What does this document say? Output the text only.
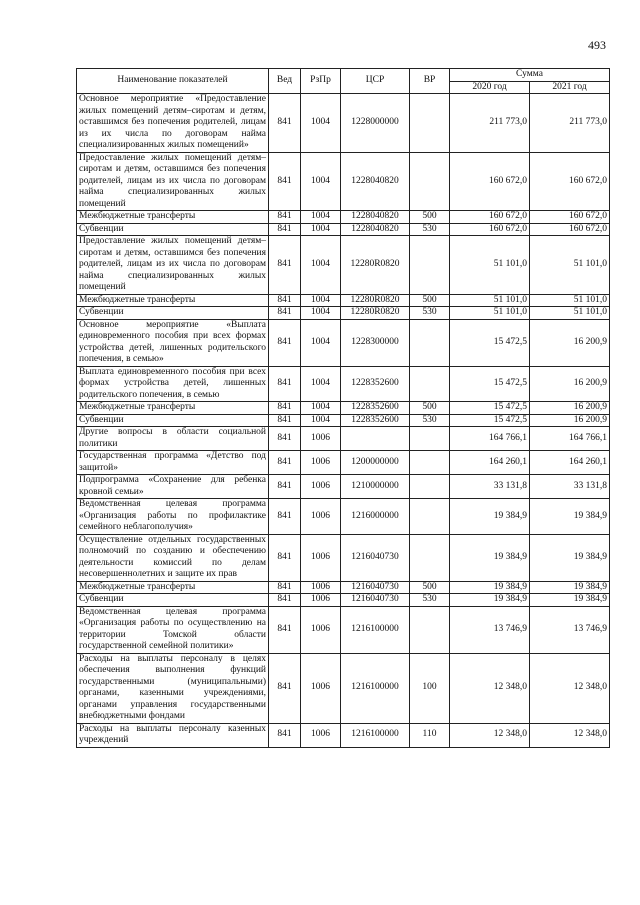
493
Наименование показателей	Вед	РзПр	ЦСР	ВР	Сумма	
					2020 год	2021 год
Основное мероприятие «Предоставление жилых помещений детям–сиротам и детям, оставшимся без попечения родителей, лицам из их числа по договорам найма специализированных жилых помещений»	841	1004	1228000000		211 773,0	211 773,0
Предоставление жилых помещений детям–сиротам и детям, оставшимся без попечения родителей, лицам из их числа по договорам найма специализированных жилых помещений	841	1004	1228040820		160 672,0	160 672,0
Межбюджетные трансферты	841	1004	1228040820	500	160 672,0	160 672,0
Субвенции	841	1004	1228040820	530	160 672,0	160 672,0
Предоставление жилых помещений детям–сиротам и детям, оставшимся без попечения родителей, лицам из их числа по договорам найма специализированных жилых помещений	841	1004	12280R0820		51 101,0	51 101,0
Межбюджетные трансферты	841	1004	12280R0820	500	51 101,0	51 101,0
Субвенции	841	1004	12280R0820	530	51 101,0	51 101,0
Основное мероприятие «Выплата единовременного пособия при всех формах устройства детей, лишенных родительского попечения, в семью»	841	1004	1228300000		15 472,5	16 200,9
Выплата единовременного пособия при всех формах устройства детей, лишенных родительского попечения, в семью	841	1004	1228352600		15 472,5	16 200,9
Межбюджетные трансферты	841	1004	1228352600	500	15 472,5	16 200,9
Субвенции	841	1004	1228352600	530	15 472,5	16 200,9
Другие вопросы в области социальной политики	841	1006			164 766,1	164 766,1
Государственная программа «Детство под защитой»	841	1006	1200000000		164 260,1	164 260,1
Подпрограмма «Сохранение для ребенка кровной семьи»	841	1006	1210000000		33 131,8	33 131,8
Ведомственная целевая программа «Организация работы по профилактике семейного неблагополучия»	841	1006	1216000000		19 384,9	19 384,9
Осуществление отдельных государственных полномочий по созданию и обеспечению деятельности комиссий по делам несовершеннолетних и защите их прав	841	1006	1216040730		19 384,9	19 384,9
Межбюджетные трансферты	841	1006	1216040730	500	19 384,9	19 384,9
Субвенции	841	1006	1216040730	530	19 384,9	19 384,9
Ведомственная целевая программа «Организация работы по осуществлению на территории Томской области государственной семейной политики»	841	1006	1216100000		13 746,9	13 746,9
Расходы на выплаты персоналу в целях обеспечения выполнения функций государственными (муниципальными) органами, казенными учреждениями, органами управления государственными внебюджетными фондами	841	1006	1216100000	100	12 348,0	12 348,0
Расходы на выплаты персоналу казенных учреждений	841	1006	1216100000	110	12 348,0	12 348,0
